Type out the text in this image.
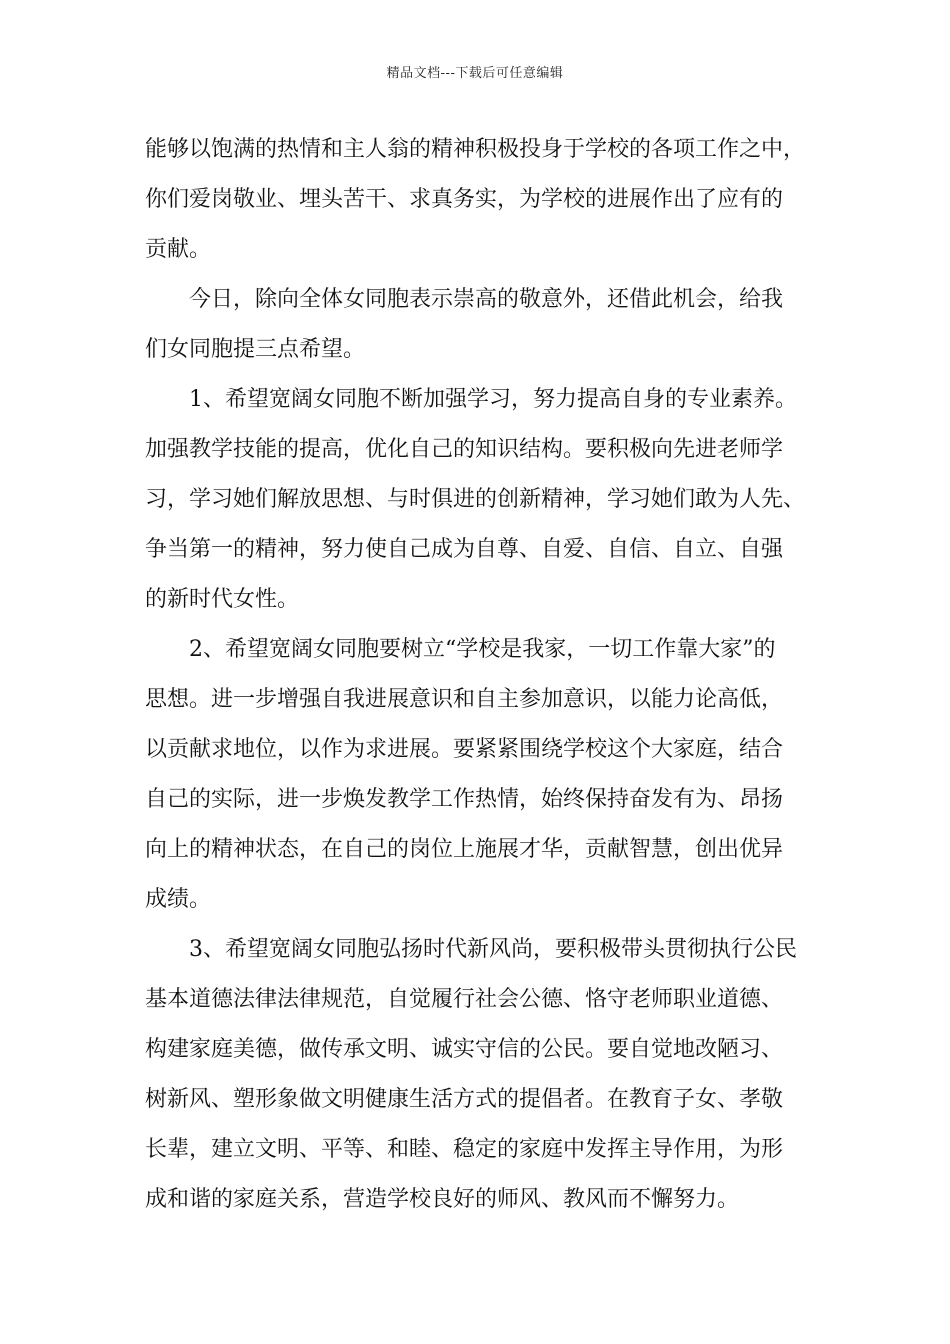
精品文档---下载后可任意编辑
能够以饱满的热情和主人翁的精神积极投身于学校的各项工作之中，
你们爱岗敬业、埋头苦干、求真务实，为学校的进展作出了应有的
贡献。
今日，除向全体女同胞表示崇高的敬意外，还借此机会，给我
们女同胞提三点希望。
1、希望宽阔女同胞不断加强学习，努力提高自身的专业素养。
加强教学技能的提高，优化自己的知识结构。要积极向先进老师学
习，学习她们解放思想、与时俱进的创新精神，学习她们敢为人先、
争当第一的精神，努力使自己成为自尊、自爱、自信、自立、自强
的新时代女性。
2、希望宽阔女同胞要树立“学校是我家，一切工作靠大家”的
思想。进一步增强自我进展意识和自主参加意识，以能力论高低，
以贡献求地位，以作为求进展。要紧紧围绕学校这个大家庭，结合
自己的实际，进一步焕发教学工作热情，始终保持奋发有为、昂扬
向上的精神状态，在自己的岗位上施展才华，贡献智慧，创出优异
成绩。
3、希望宽阔女同胞弘扬时代新风尚，要积极带头贯彻执行公民
基本道德法律法律规范，自觉履行社会公德、恪守老师职业道德、
构建家庭美德，做传承文明、诚实守信的公民。要自觉地改陋习、
树新风、塑形象做文明健康生活方式的提倡者。在教育子女、孝敬
长辈，建立文明、平等、和睦、稳定的家庭中发挥主导作用，为形
成和谐的家庭关系，营造学校良好的师风、教风而不懈努力。
